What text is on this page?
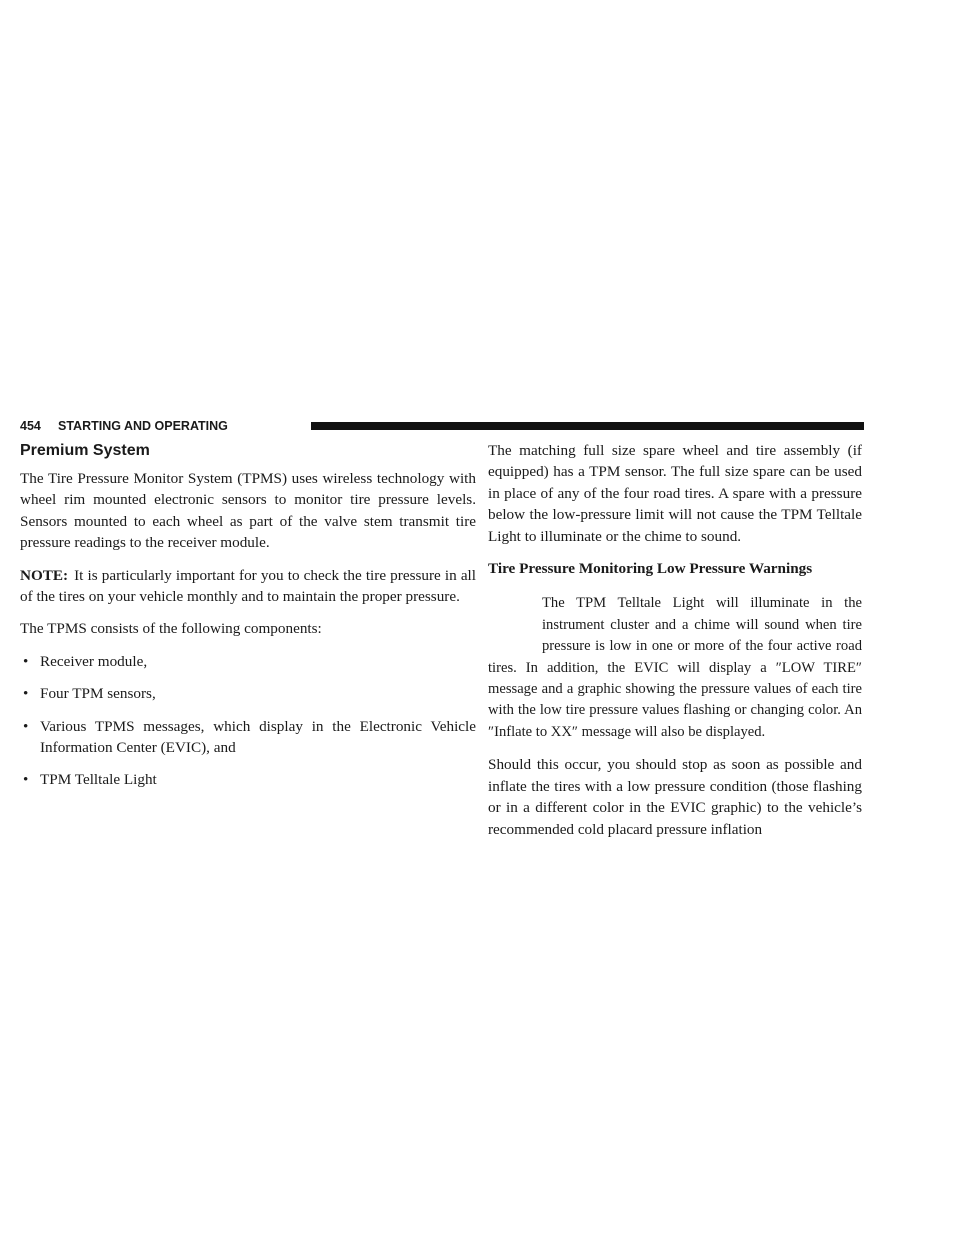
454 STARTING AND OPERATING
Premium System

The Tire Pressure Monitor System (TPMS) uses wireless technology with wheel rim mounted electronic sensors to monitor tire pressure levels. Sensors mounted to each wheel as part of the valve stem transmit tire pressure readings to the receiver module.

NOTE: It is particularly important for you to check the tire pressure in all of the tires on your vehicle monthly and to maintain the proper pressure.

The TPMS consists of the following components:

• Receiver module,
• Four TPM sensors,
• Various TPMS messages, which display in the Electronic Vehicle Information Center (EVIC), and
• TPM Telltale Light

The matching full size spare wheel and tire assembly (if equipped) has a TPM sensor. The full size spare can be used in place of any of the four road tires. A spare with a pressure below the low-pressure limit will not cause the TPM Telltale Light to illuminate or the chime to sound.

Tire Pressure Monitoring Low Pressure Warnings

The TPM Telltale Light will illuminate in the instrument cluster and a chime will sound when tire pressure is low in one or more of the four active road tires. In addition, the EVIC will display a ″LOW TIRE″ message and a graphic showing the pressure values of each tire with the low tire pressure values flashing or changing color. An ″Inflate to XX″ message will also be displayed.

Should this occur, you should stop as soon as possible and inflate the tires with a low pressure condition (those flashing or in a different color in the EVIC graphic) to the vehicle’s recommended cold placard pressure inflation
